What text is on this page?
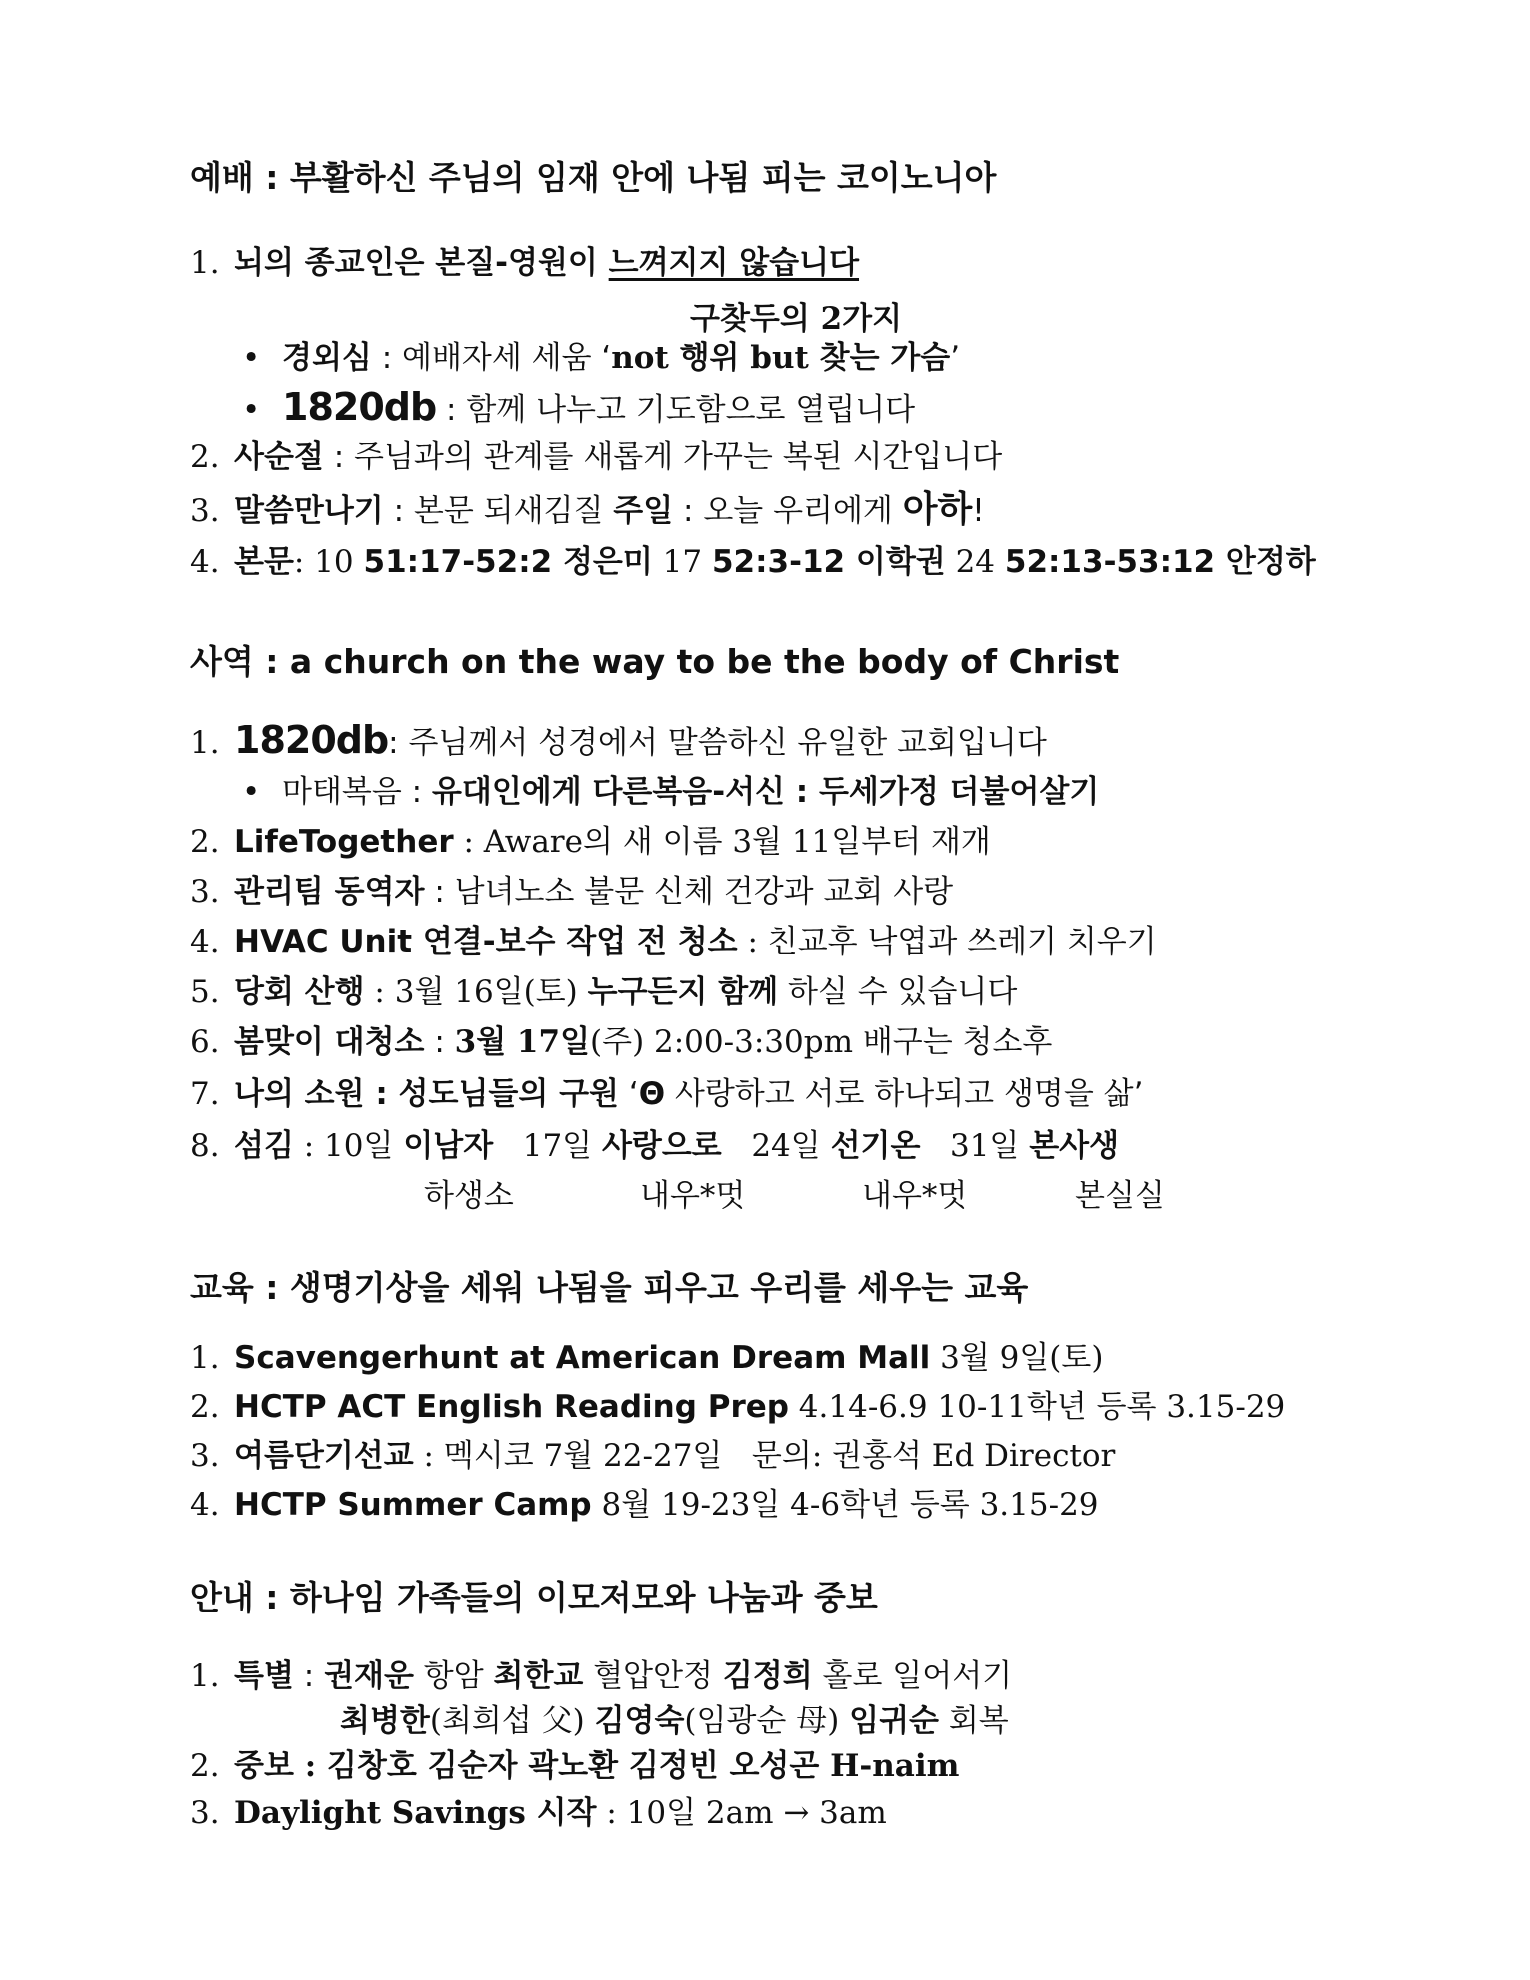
예배 : 부활하신 주님의 임재 안에 나됨 피는 코이노니아
1. 뇌의 종교인은 본질-영원이 느껴지지 않습니다
구찾두의 2가지
• 경외심 : 예배자세 세움 ‘not 행위 but 찾는 가슴’
• 1820db : 함께 나누고 기도함으로 열립니다
2. 사순절 : 주님과의 관계를 새롭게 가꾸는 복된 시간입니다
3. 말씀만나기 : 본문 되새김질 주일 : 오늘 우리에게 아하!
4. 본문: 10 51:17-52:2 정은미 17 52:3-12 이학권 24 52:13-53:12 안정하
사역 : a church on the way to be the body of Christ
1. 1820db: 주님께서 성경에서 말씀하신 유일한 교회입니다
• 마태복음 : 유대인에게 다른복음-서신 : 두세가정 더불어살기
2. LifeTogether : Aware의 새 이름 3월 11일부터 재개
3. 관리팀 동역자 : 남녀노소 불문 신체 건강과 교회 사랑
4. HVAC Unit 연결-보수 작업 전 청소 : 친교후 낙엽과 쓰레기 치우기
5. 당회 산행 : 3월 16일(토) 누구든지 함께 하실 수 있습니다
6. 봄맞이 대청소 : 3월 17일(주) 2:00-3:30pm 배구는 청소후
7. 나의 소원 : 성도님들의 구원 ‘Θ 사랑하고 서로 하나되고 생명을 삶’
8. 섬김 : 10일 이남자   17일 사랑으로   24일 선기온   31일 본사생
하생소	내우*멋	내우*멋	본실실
교육 : 생명기상을 세워 나됨을 피우고 우리를 세우는 교육
1. Scavengerhunt at American Dream Mall 3월 9일(토)
2. HCTP ACT English Reading Prep 4.14-6.9 10-11학년 등록 3.15-29
3. 여름단기선교 : 멕시코 7월 22-27일   문의: 권홍석 Ed Director
4. HCTP Summer Camp 8월 19-23일 4-6학년 등록 3.15-29
안내 : 하나임 가족들의 이모저모와 나눔과 중보
1. 특별 : 권재운 항암 최한교 혈압안정 김정희 홀로 일어서기
최병한(최희섭 父) 김영숙(임광순 母) 임귀순 회복
2. 중보 : 김창호 김순자 곽노환 김정빈 오성곤 H-naim
3. Daylight Savings 시작 : 10일 2am → 3am
